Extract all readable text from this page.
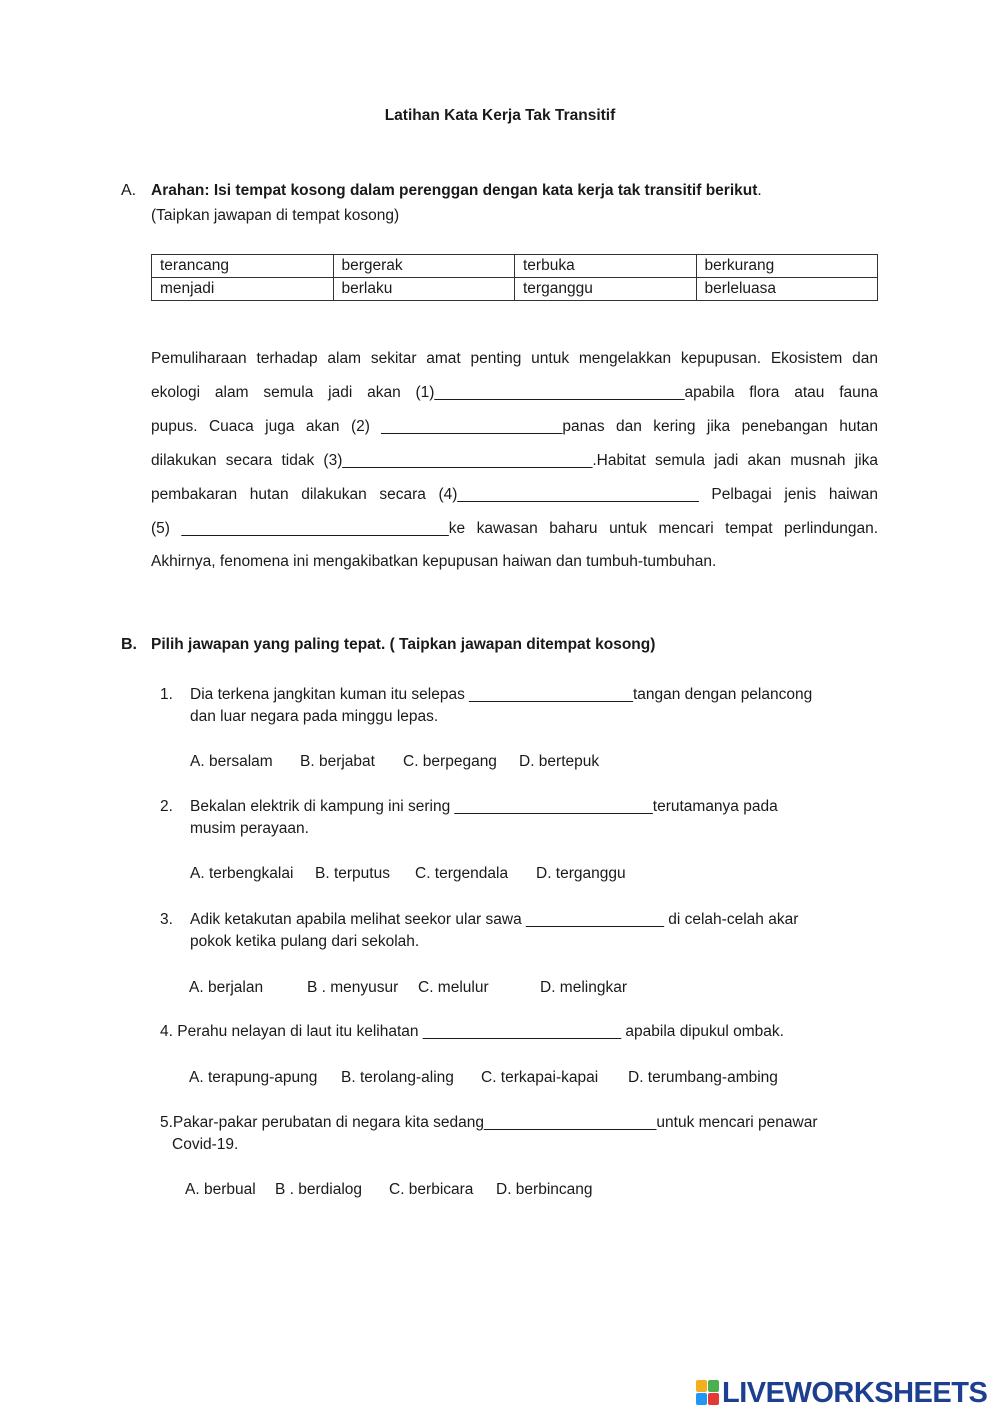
Latihan Kata Kerja Tak Transitif
A. Arahan: Isi tempat kosong dalam perenggan dengan kata kerja tak transitif berikut.
(Taipkan jawapan di tempat kosong)
terancang	bergerak	terbuka	berkurang
menjadi	berlaku	terganggu	berleluasa
Pemuliharaan terhadap alam sekitar amat penting untuk mengelakkan kepupusan. Ekosistem dan
ekologi alam semula jadi akan (1)_____________________________apabila flora atau fauna
pupus. Cuaca juga akan (2) _____________________panas dan kering jika penebangan hutan
dilakukan secara tidak (3)_____________________________.Habitat semula jadi akan musnah jika
pembakaran hutan dilakukan secara (4)____________________________ Pelbagai jenis haiwan
(5) _______________________________ke kawasan baharu untuk mencari tempat perlindungan.
Akhirnya, fenomena ini mengakibatkan kepupusan haiwan dan tumbuh-tumbuhan.
B. Pilih jawapan yang paling tepat. ( Taipkan jawapan ditempat kosong)
1. Dia terkena jangkitan kuman itu selepas ___________________tangan dengan pelancong
dan luar negara pada minggu lepas.
A. bersalam B. berjabat C. berpegang D. bertepuk
2. Bekalan elektrik di kampung ini sering _______________________terutamanya pada
musim perayaan.
A. terbengkalai B. terputus C. tergendala D. terganggu
3. Adik ketakutan apabila melihat seekor ular sawa ________________ di celah-celah akar
pokok ketika pulang dari sekolah.
A. berjalan	B . menyusur C. melulur	D. melingkar
4. Perahu nelayan di laut itu kelihatan _______________________ apabila dipukul ombak.
A. terapung-apung B. terolang-aling C. terkapai-kapai D. terumbang-ambing
5.Pakar-pakar perubatan di negara kita sedang____________________untuk mencari penawar
Covid-19.
A. berbual B . berdialog C. berbicara D. berbincang
LIVEWORKSHEETS
